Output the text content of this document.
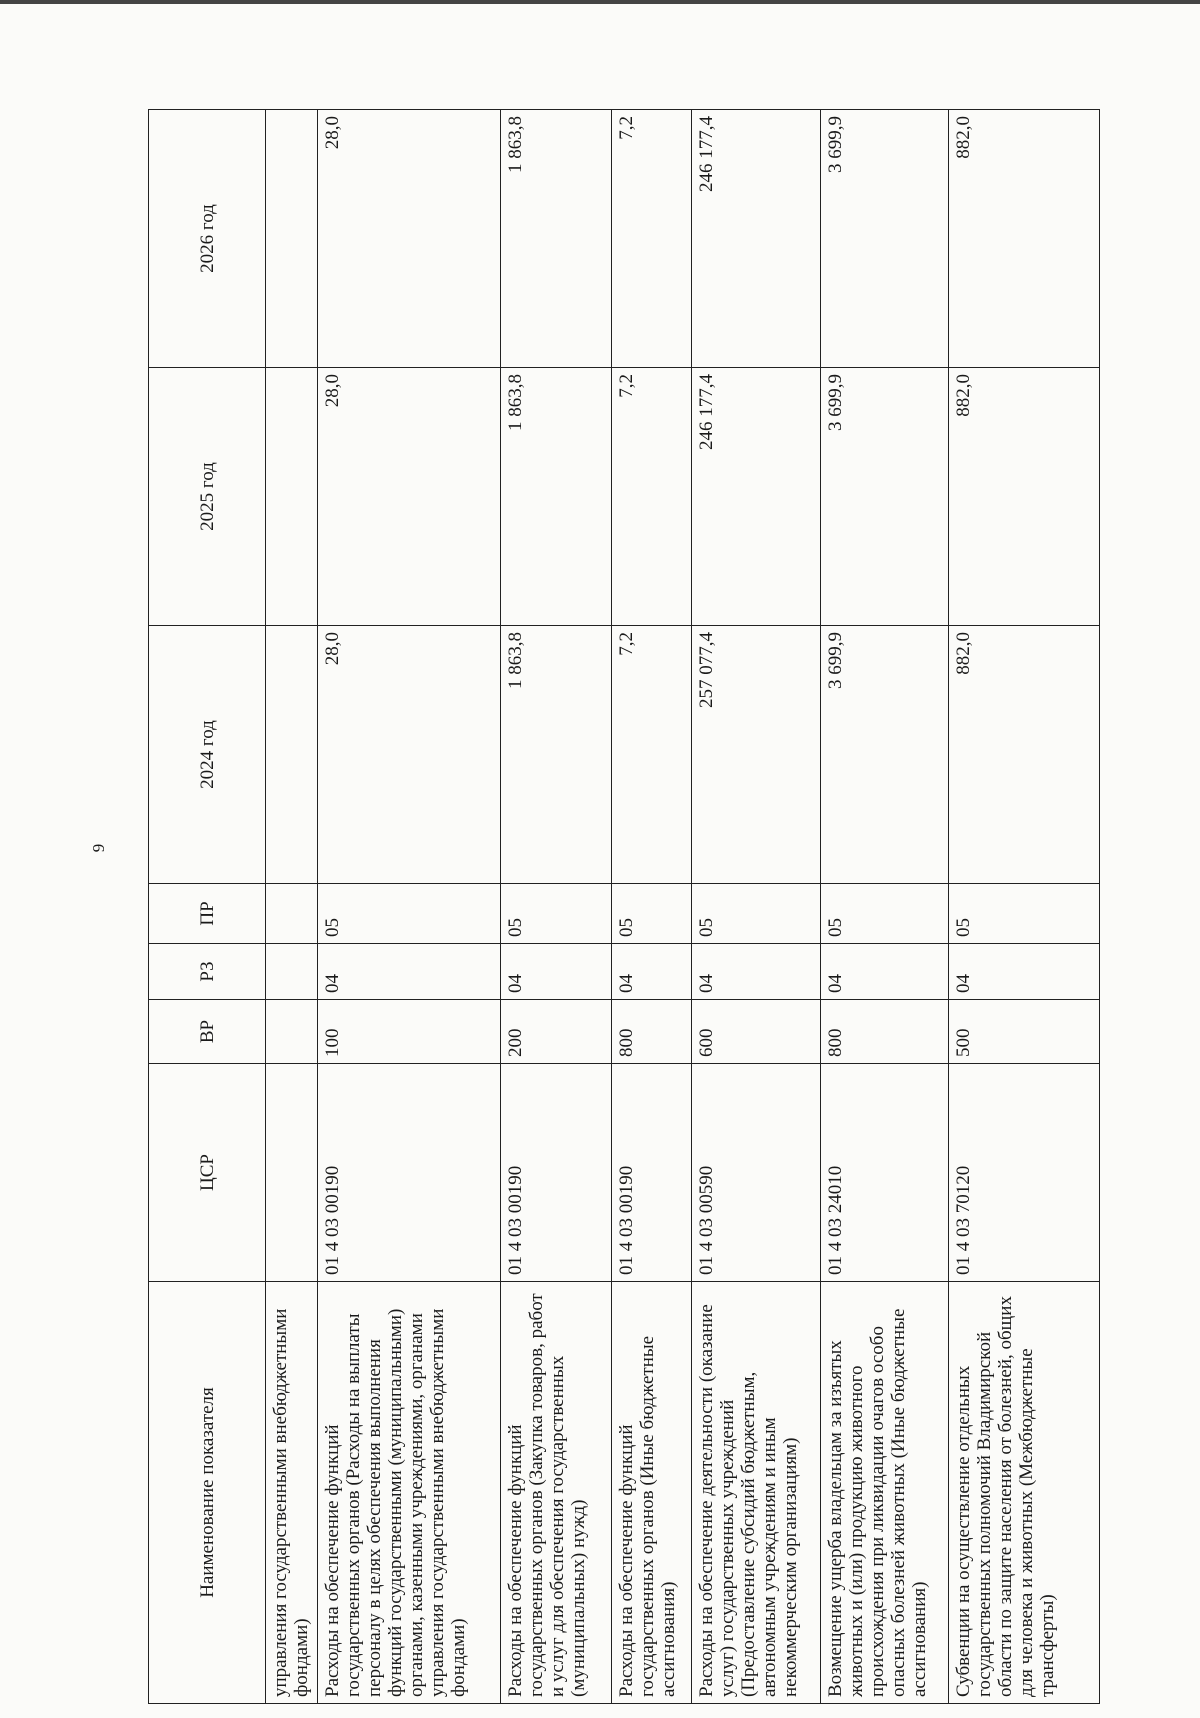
9
Наименование показателя	ЦСР	ВР	РЗ	ПР	2024 год	2025 год	2026 год
управления государственными внебюджетными фондами)							
Расходы на обеспечение функций государственных органов (Расходы на выплаты персоналу в целях обеспечения выполнения функций государственными (муниципальными) органами, казенными учреждениями, органами управления государственными внебюджетными фондами)	01 4 03 00190	100	04	05	28,0	28,0	28,0
Расходы на обеспечение функций государственных органов (Закупка товаров, работ и услуг для обеспечения государственных (муниципальных) нужд)	01 4 03 00190	200	04	05	1 863,8	1 863,8	1 863,8
Расходы на обеспечение функций государственных органов (Иные бюджетные ассигнования)	01 4 03 00190	800	04	05	7,2	7,2	7,2
Расходы на обеспечение деятельности (оказание услуг) государственных учреждений (Предоставление субсидий бюджетным, автономным учреждениям и иным некоммерческим организациям)	01 4 03 00590	600	04	05	257 077,4	246 177,4	246 177,4
Возмещение ущерба владельцам за изъятых животных и (или) продукцию животного происхождения при ликвидации очагов особо опасных болезней животных (Иные бюджетные ассигнования)	01 4 03 24010	800	04	05	3 699,9	3 699,9	3 699,9
Субвенции на осуществление отдельных государственных полномочий Владимирской области по защите населения от болезней, общих для человека и животных (Межбюджетные трансферты)	01 4 03 70120	500	04	05	882,0	882,0	882,0
